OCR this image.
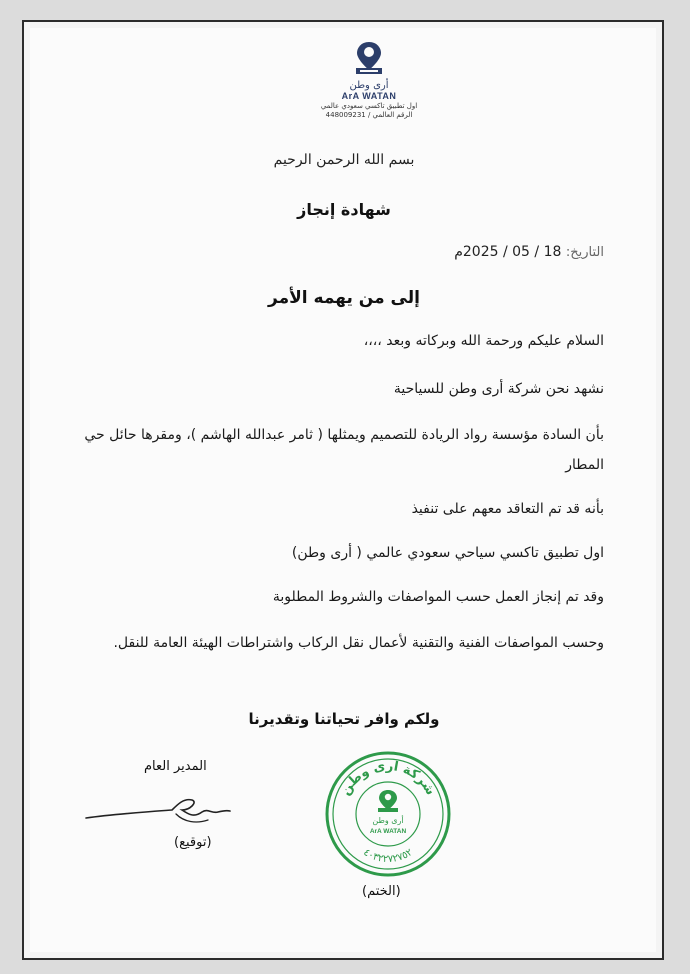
أرى وطن
ArA WATAN
اول تطبيق تاكسي سعودي عالمي
الرقم العالمي / 448009231
بسم الله الرحمن الرحيم
شهادة إنجاز
التاريخ: 18 / 05 / 2025م
إلى من يهمه الأمر
السلام عليكم ورحمة الله وبركاته وبعد ،،،،
نشهد نحن شركة أرى وطن للسياحية
بأن السادة مؤسسة رواد الريادة للتصميم ويمثلها ( ثامر عبدالله الهاشم )، ومقرها حائل حي المطار
بأنه قد تم التعاقد معهم على تنفيذ
اول تطبيق تاكسي سياحي سعودي عالمي ( أرى وطن)
وقد تم إنجاز العمل حسب المواصفات والشروط المطلوبة
وحسب المواصفات الفنية والتقنية لأعمال نقل الركاب واشتراطات الهيئة العامة للنقل.
ولكم وافر تحياتنا وتقديرنا
المدير العام
(توقيع)
شركة ارى وطن
٤٠٣٢٢٧٢٧٥٢
أرى وطن
ArA WATAN
(الختم)
